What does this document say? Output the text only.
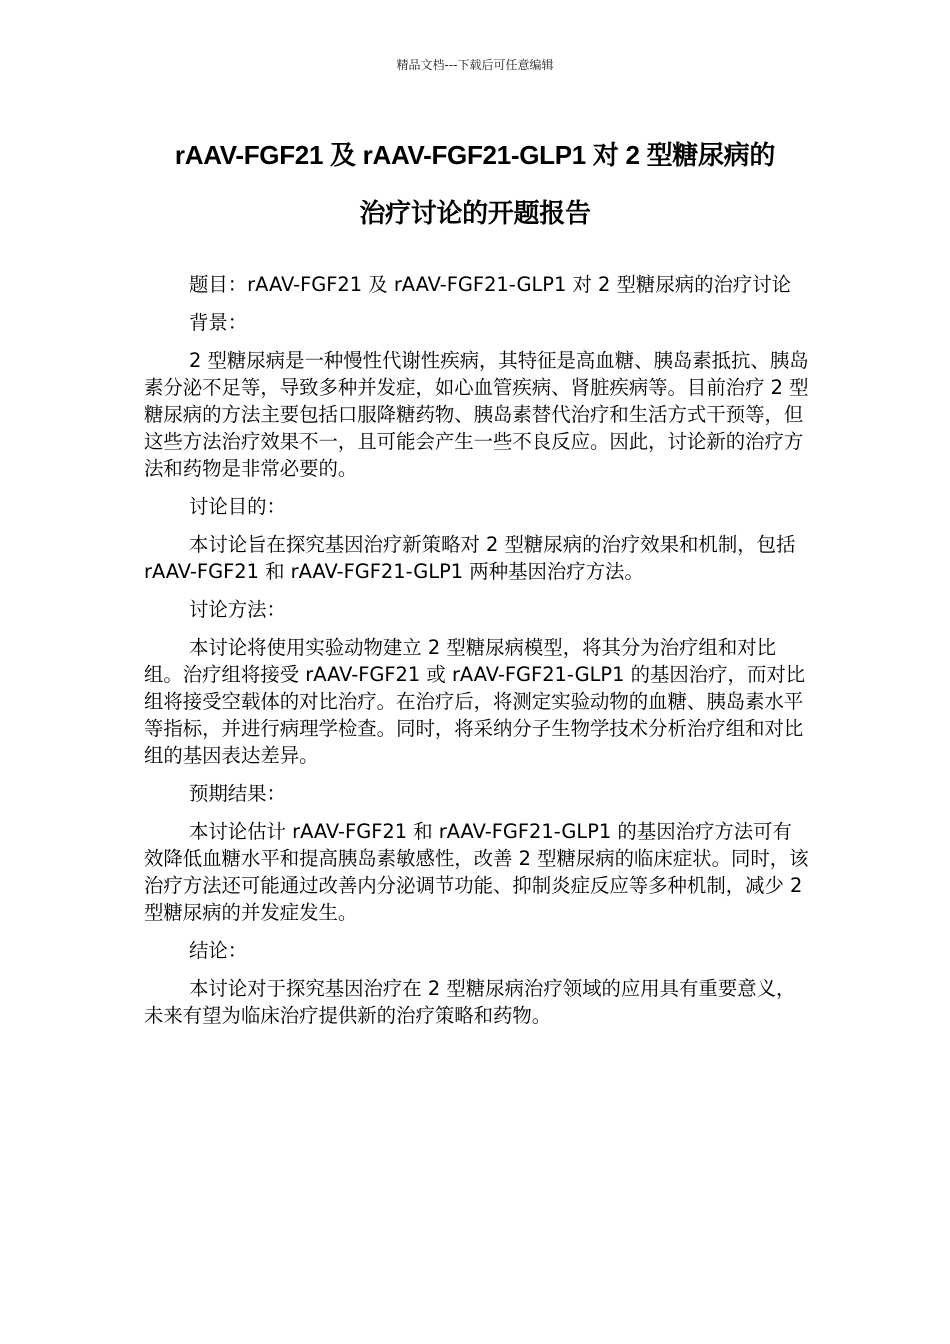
精品文档---下载后可任意编辑
rAAV-FGF21 及 rAAV-FGF21-GLP1 对 2 型糖尿病的
治疗讨论的开题报告

题目：rAAV-FGF21 及 rAAV-FGF21-GLP1 对 2 型糖尿病的治疗讨论

背景：

2 型糖尿病是一种慢性代谢性疾病，其特征是高血糖、胰岛素抵抗、胰岛素分泌不足等，导致多种并发症，如心血管疾病、肾脏疾病等。目前治疗 2 型糖尿病的方法主要包括口服降糖药物、胰岛素替代治疗和生活方式干预等，但这些方法治疗效果不一，且可能会产生一些不良反应。因此，讨论新的治疗方法和药物是非常必要的。

讨论目的：

本讨论旨在探究基因治疗新策略对 2 型糖尿病的治疗效果和机制，包括 rAAV-FGF21 和 rAAV-FGF21-GLP1 两种基因治疗方法。

讨论方法：

本讨论将使用实验动物建立 2 型糖尿病模型，将其分为治疗组和对比组。治疗组将接受 rAAV-FGF21 或 rAAV-FGF21-GLP1 的基因治疗，而对比组将接受空载体的对比治疗。在治疗后，将测定实验动物的血糖、胰岛素水平等指标，并进行病理学检查。同时，将采纳分子生物学技术分析治疗组和对比组的基因表达差异。

预期结果：

本讨论估计 rAAV-FGF21 和 rAAV-FGF21-GLP1 的基因治疗方法可有效降低血糖水平和提高胰岛素敏感性，改善 2 型糖尿病的临床症状。同时，该治疗方法还可能通过改善内分泌调节功能、抑制炎症反应等多种机制，减少 2 型糖尿病的并发症发生。

结论：

本讨论对于探究基因治疗在 2 型糖尿病治疗领域的应用具有重要意义，未来有望为临床治疗提供新的治疗策略和药物。
